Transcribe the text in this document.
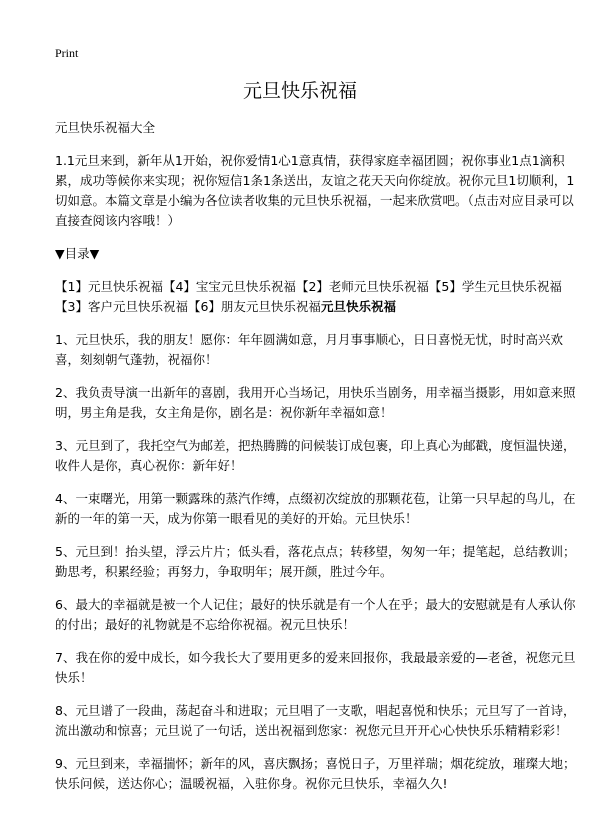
Print
元旦快乐祝福

元旦快乐祝福大全

1.1元旦来到，新年从1开始，祝你爱情1心1意真情，获得家庭幸福团圆；祝你事业1点1滴积累，成功等候你来实现；祝你短信1条1条送出，友谊之花天天向你绽放。祝你元旦1切顺利，1切如意。本篇文章是小编为各位读者收集的元旦快乐祝福，一起来欣赏吧。（点击对应目录可以直接查阅该内容哦！）

▼目录▼

【1】元旦快乐祝福【4】宝宝元旦快乐祝福【2】老师元旦快乐祝福【5】学生元旦快乐祝福【3】客户元旦快乐祝福【6】朋友元旦快乐祝福元旦快乐祝福

1、元旦快乐，我的朋友！愿你：年年圆满如意，月月事事顺心，日日喜悦无忧，时时高兴欢喜，刻刻朝气蓬勃，祝福你！

2、我负责导演一出新年的喜剧，我用开心当场记，用快乐当剧务，用幸福当摄影，用如意来照明，男主角是我，女主角是你，剧名是：祝你新年幸福如意！

3、元旦到了，我托空气为邮差，把热腾腾的问候装订成包裹，印上真心为邮戳，度恒温快递，收件人是你，真心祝你：新年好！

4、一束曙光，用第一颗露珠的蒸汽作缚，点缀初次绽放的那颗花苞，让第一只早起的鸟儿，在新的一年的第一天，成为你第一眼看见的美好的开始。元旦快乐！

5、元旦到！抬头望，浮云片片；低头看，落花点点；转移望，匆匆一年；提笔起，总结教训；勤思考，积累经验；再努力，争取明年；展开颜，胜过今年。

6、最大的幸福就是被一个人记住；最好的快乐就是有一个人在乎；最大的安慰就是有人承认你的付出；最好的礼物就是不忘给你祝福。祝元旦快乐！

7、我在你的爱中成长，如今我长大了要用更多的爱来回报你，我最最亲爱的—老爸，祝您元旦快乐！

8、元旦谱了一段曲，荡起奋斗和进取；元旦唱了一支歌，唱起喜悦和快乐；元旦写了一首诗，流出激动和惊喜；元旦说了一句话，送出祝福到您家：祝您元旦开开心心快快乐乐精精彩彩！

9、元旦到来，幸福揣怀；新年的风，喜庆飘扬；喜悦日子，万里祥瑞；烟花绽放，璀璨大地；快乐问候，送达你心；温暖祝福，入驻你身。祝你元旦快乐，幸福久久!
